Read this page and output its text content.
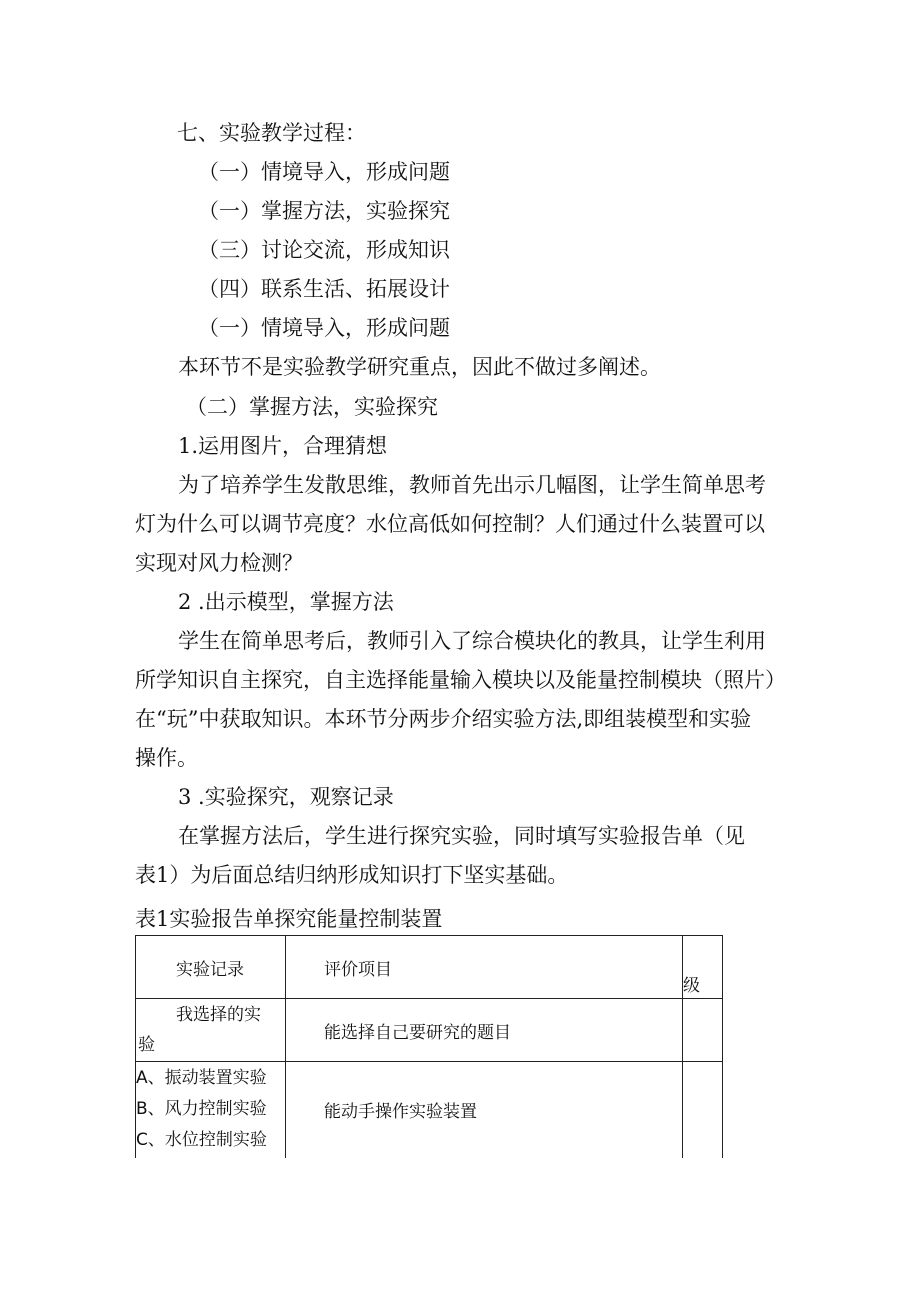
七、实验教学过程：

（一）情境导入，形成问题

（一）掌握方法，实验探究

（三）讨论交流，形成知识

（四）联系生活、拓展设计

（一）情境导入，形成问题

本环节不是实验教学研究重点，因此不做过多阐述。

（二）掌握方法，实验探究

1.运用图片，合理猜想

为了培养学生发散思维，教师首先出示几幅图，让学生简单思考

灯为什么可以调节亮度？水位高低如何控制？人们通过什么装置可以

实现对风力检测？

2 .出示模型，掌握方法

学生在简单思考后，教师引入了综合模块化的教具，让学生利用

所学知识自主探究，自主选择能量输入模块以及能量控制模块（照片）

在“玩”中获取知识。本环节分两步介绍实验方法,即组装模型和实验

操作。

3 .实验探究，观察记录

在掌握方法后，学生进行探究实验，同时填写实验报告单（见

表1）为后面总结归纳形成知识打下坚实基础。

表1实验报告单探究能量控制装置
实验记录	评价项目	级

我选择的实
验	能选择自己要研究的题目	

A、振动装置实验
B、风力控制实验
C、水位控制实验	能动手操作实验装置	
